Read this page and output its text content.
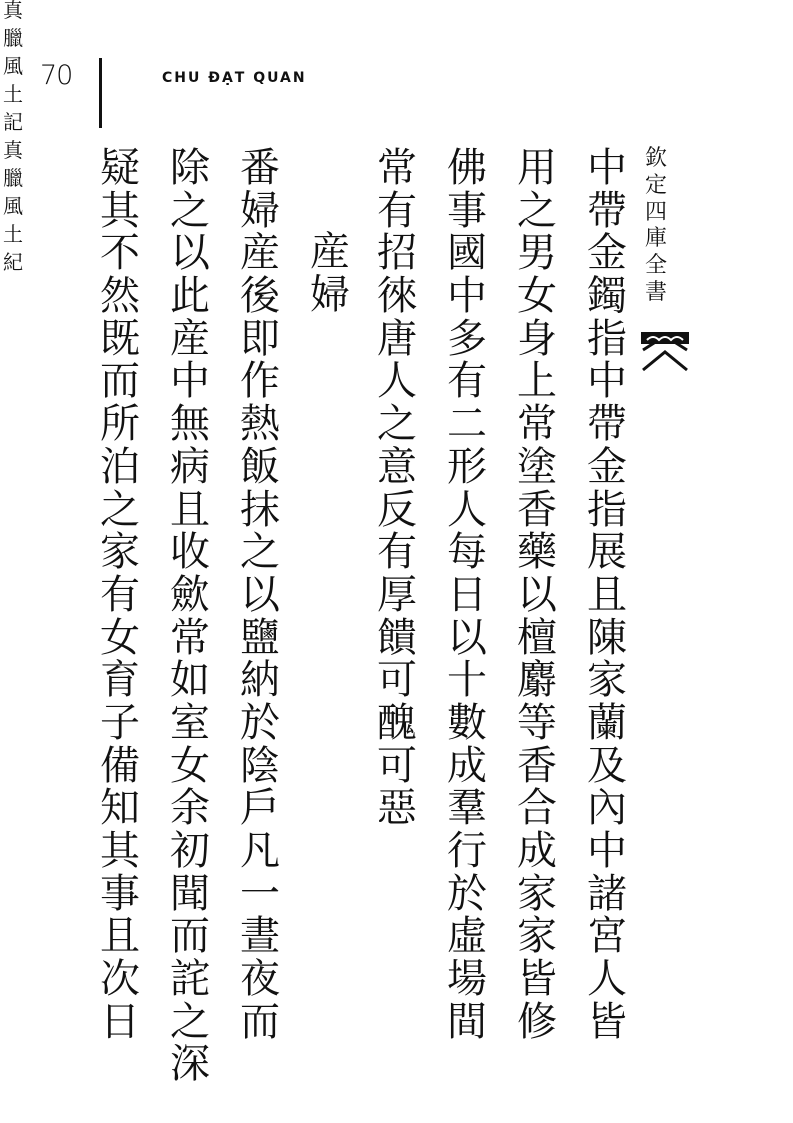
70	CHU ĐẠT QUAN
欽
定
四
庫
全
書
真
臘
風
土
記
真
臘
風
土
紀
中
帶
金
鐲
指
中
帶
金
指
展
且
陳
家
蘭
及
內
中
諸
宮
人
皆
用
之
男
女
身
上
常
塗
香
藥
以
檀
麝
等
香
合
成
家
家
皆
修
佛
事
國
中
多
有
二
形
人
每
日
以
十
數
成
羣
行
於
虛
場
間
常
有
招
徠
唐
人
之
意
反
有
厚
饋
可
醜
可
惡
産
婦
番
婦
産
後
即
作
熱
飯
抹
之
以
鹽
納
於
陰
戶
凡
一
晝
夜
而
除
之
以
此
産
中
無
病
且
收
歛
常
如
室
女
余
初
聞
而
詫
之
深
疑
其
不
然
既
而
所
泊
之
家
有
女
育
子
備
知
其
事
且
次
日
